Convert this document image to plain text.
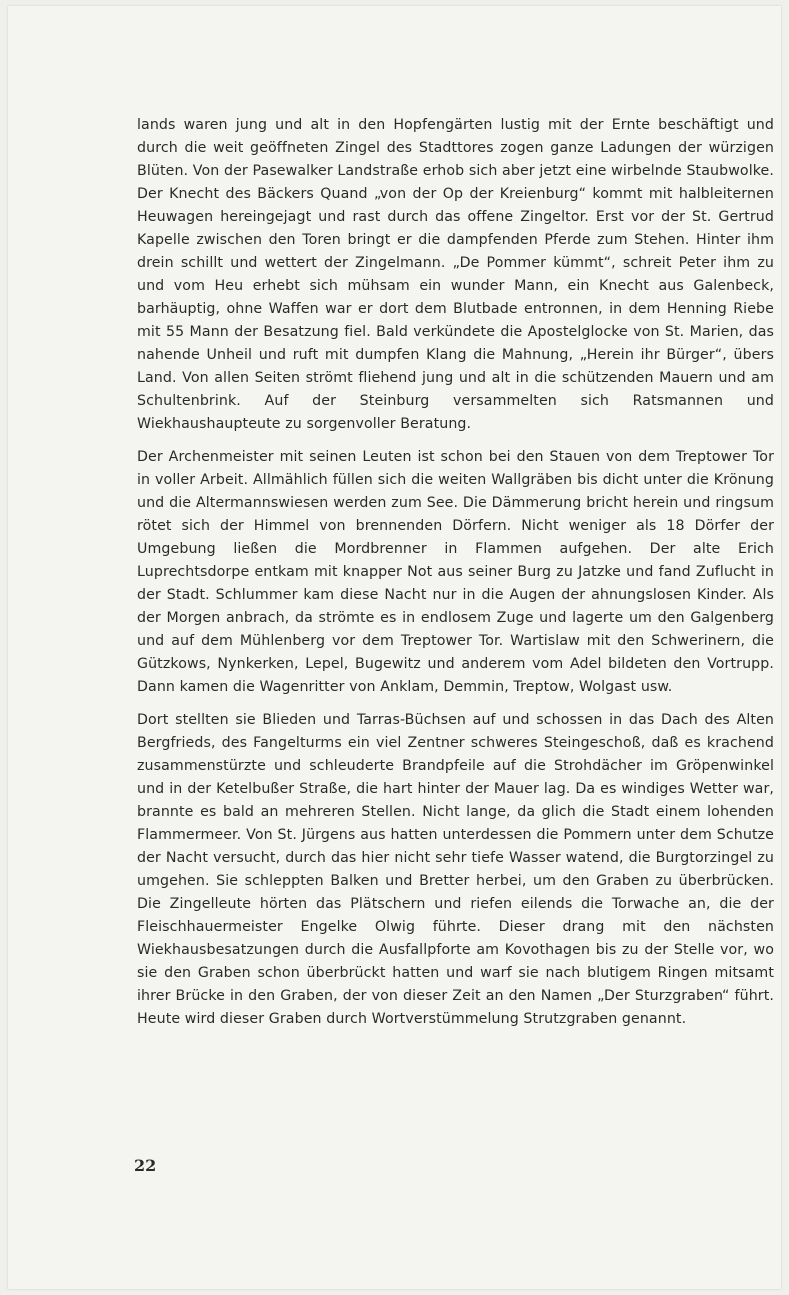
lands waren jung und alt in den Hopfengärten lustig mit der Ernte beschäftigt und durch die weit geöffneten Zingel des Stadttores zogen ganze Ladungen der würzigen Blüten. Von der Pasewalker Landstraße erhob sich aber jetzt eine wirbelnde Staubwolke. Der Knecht des Bäckers Quand „von der Op der Kreienburg“ kommt mit halbleiternen Heuwagen hereingejagt und rast durch das offene Zingeltor. Erst vor der St. Gertrud Kapelle zwischen den Toren bringt er die dampfenden Pferde zum Stehen. Hinter ihm drein schillt und wettert der Zingelmann. „De Pommer kümmt“, schreit Peter ihm zu und vom Heu erhebt sich mühsam ein wunder Mann, ein Knecht aus Galenbeck, barhäuptig, ohne Waffen war er dort dem Blutbade entronnen, in dem Henning Riebe mit 55 Mann der Besatzung fiel. Bald verkündete die Apostelglocke von St. Marien, das nahende Unheil und ruft mit dumpfen Klang die Mahnung, „Herein ihr Bürger“, übers Land. Von allen Seiten strömt fliehend jung und alt in die schützenden Mauern und am Schultenbrink. Auf der Steinburg versammelten sich Ratsmannen und Wiekhaushaupteute zu sorgenvoller Beratung.

Der Archenmeister mit seinen Leuten ist schon bei den Stauen von dem Treptower Tor in voller Arbeit. Allmählich füllen sich die weiten Wallgräben bis dicht unter die Krönung und die Altermannswiesen werden zum See. Die Dämmerung bricht herein und ringsum rötet sich der Himmel von brennenden Dörfern. Nicht weniger als 18 Dörfer der Umgebung ließen die Mordbrenner in Flammen aufgehen. Der alte Erich Luprechtsdorpe entkam mit knapper Not aus seiner Burg zu Jatzke und fand Zuflucht in der Stadt. Schlummer kam diese Nacht nur in die Augen der ahnungslosen Kinder. Als der Morgen anbrach, da strömte es in endlosem Zuge und lagerte um den Galgenberg und auf dem Mühlenberg vor dem Treptower Tor. Wartislaw mit den Schwerinern, die Gützkows, Nynkerken, Lepel, Bugewitz und anderem vom Adel bildeten den Vortrupp. Dann kamen die Wagenritter von Anklam, Demmin, Treptow, Wolgast usw.

Dort stellten sie Blieden und Tarras-Büchsen auf und schossen in das Dach des Alten Bergfrieds, des Fangelturms ein viel Zentner schweres Steingeschoß, daß es krachend zusammenstürzte und schleuderte Brandpfeile auf die Strohdächer im Gröpenwinkel und in der Ketelbußer Straße, die hart hinter der Mauer lag. Da es windiges Wetter war, brannte es bald an mehreren Stellen. Nicht lange, da glich die Stadt einem lohenden Flammermeer. Von St. Jürgens aus hatten unterdessen die Pommern unter dem Schutze der Nacht versucht, durch das hier nicht sehr tiefe Wasser watend, die Burgtorzingel zu umgehen. Sie schleppten Balken und Bretter herbei, um den Graben zu überbrücken. Die Zingelleute hörten das Plätschern und riefen eilends die Torwache an, die der Fleischhauermeister Engelke Olwig führte. Dieser drang mit den nächsten Wiekhausbesatzungen durch die Ausfallpforte am Kovothagen bis zu der Stelle vor, wo sie den Graben schon überbrückt hatten und warf sie nach blutigem Ringen mitsamt ihrer Brücke in den Graben, der von dieser Zeit an den Namen „Der Sturzgraben“ führt. Heute wird dieser Graben durch Wortverstümmelung Strutzgraben genannt.

22
